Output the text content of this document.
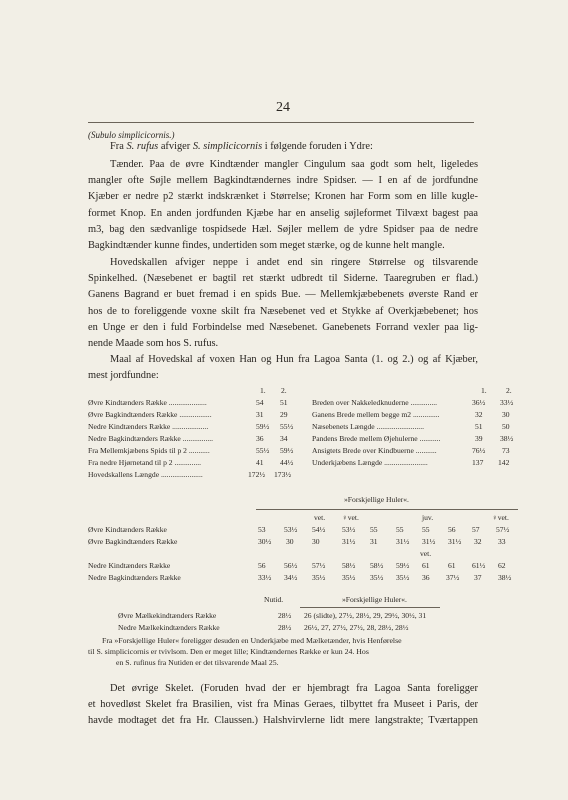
24
(Subulo simplicicornis.)
Fra S. rufus afviger S. simplicicornis i følgende foruden i Ydre:
Tænder. Paa de øvre Kindtænder mangler Cingulum saa godt som helt, ligeledes
mangler ofte Søjle mellem Bagkindtændernes indre Spidser. — I en af de jordfundne
Kjæber er nedre p2 stærkt indskrænket i Størrelse; Kronen har Form som en lille kugle-
formet Knop. En anden jordfunden Kjæbe har en anselig søjleformet Tilvæxt bagest paa
m3, bag den sædvanlige tospidsede Hæl. Søjler mellem de ydre Spidser paa de nedre
Bagkindtænder kunne findes, undertiden som meget stærke, og de kunne helt mangle.
Hovedskallen afviger neppe i andet end sin ringere Størrelse og tilsvarende
Spinkelhed. (Næsebenet er bagtil ret stærkt udbredt til Siderne. Taaregruben er flad.)
Ganens Bagrand er buet fremad i en spids Bue. — Mellemkjæbebenets øverste Rand er
hos de to foreliggende voxne skilt fra Næsebenet ved et Stykke af Overkjæbebenet; hos
en Unge er den i fuld Forbindelse med Næsebenet. Ganebenets Forrand vexler paa lig-
nende Maade som hos S. rufus.
Maal af Hovedskal af voxen Han og Hun fra Lagoa Santa (1. og 2.) og af Kjæber,
mest jordfundne:
1. 2.	1.	2.
Øvre Kindtænders Række ....................	54 51
Øvre Bagkindtænders Række .................	31 29
Nedre Kindtænders Række ...................	59½ 55½
Nedre Bagkindtænders Række ................	36 34
Fra Mellemkjæbens Spids til p 2 ...........	55½ 59½
Fra nedre Hjørnetand til p 2 ..............	41 44½
Hovedskallens Længde ......................	172½ 173½
Breden over Nakkeledknuderne ..............	36½ 33½
Ganens Brede mellem begge m2 ..............	32	30
Næsebenets Længde .........................	51	50
Pandens Brede mellem Øjehulerne ...........	39 38½
Ansigtets Brede over Kindbuerne ...........	76½ 73
Underkjæbens Længde .......................	137 142
»Forskjellige Huler«.
vet. ♀vet.	juv.	♀vet.
Øvre Kindtænders Række	53 53½ 54½ 53½ 55 55 55 56 57 57½
Øvre Bagkindtænders Række	30½ 30 30	31½ 31 31½ 31½ 31½ 32 33
vet.
Nedre Kindtænders Række	56 56½ 57½ 58½ 58½ 59½ 61 61 61½ 62
Nedre Bagkindtænders Række	33½ 34½ 35½ 35½ 35½ 35½ 36 37½ 37 38½
Nutid.	»Forskjellige Huler«.
Øvre Mælkekindtænders Række	28½ 26 (slidte), 27½, 28½, 29, 29½, 30½, 31
Nedre Mælkekindtænders Række	28½ 26½, 27, 27½, 27½, 28, 28½, 28½
Fra »Forskjellige Huler« foreligger desuden en Underkjæbe med Mælketænder, hvis Henførelse
til S. simplicicornis er tvivlsom. Den er meget lille; Kindtændernes Række er kun 24. Hos
en S. rufinus fra Nutiden er det tilsvarende Maal 25.
Det øvrige Skelet. (Foruden hvad der er hjembragt fra Lagoa Santa foreligger
et hovedløst Skelet fra Brasilien, vist fra Minas Geraes, tilbyttet fra Museet i Paris, der
havde modtaget det fra Hr. Claussen.) Halshvirvlerne lidt mere langstrakte; Tværtappen
